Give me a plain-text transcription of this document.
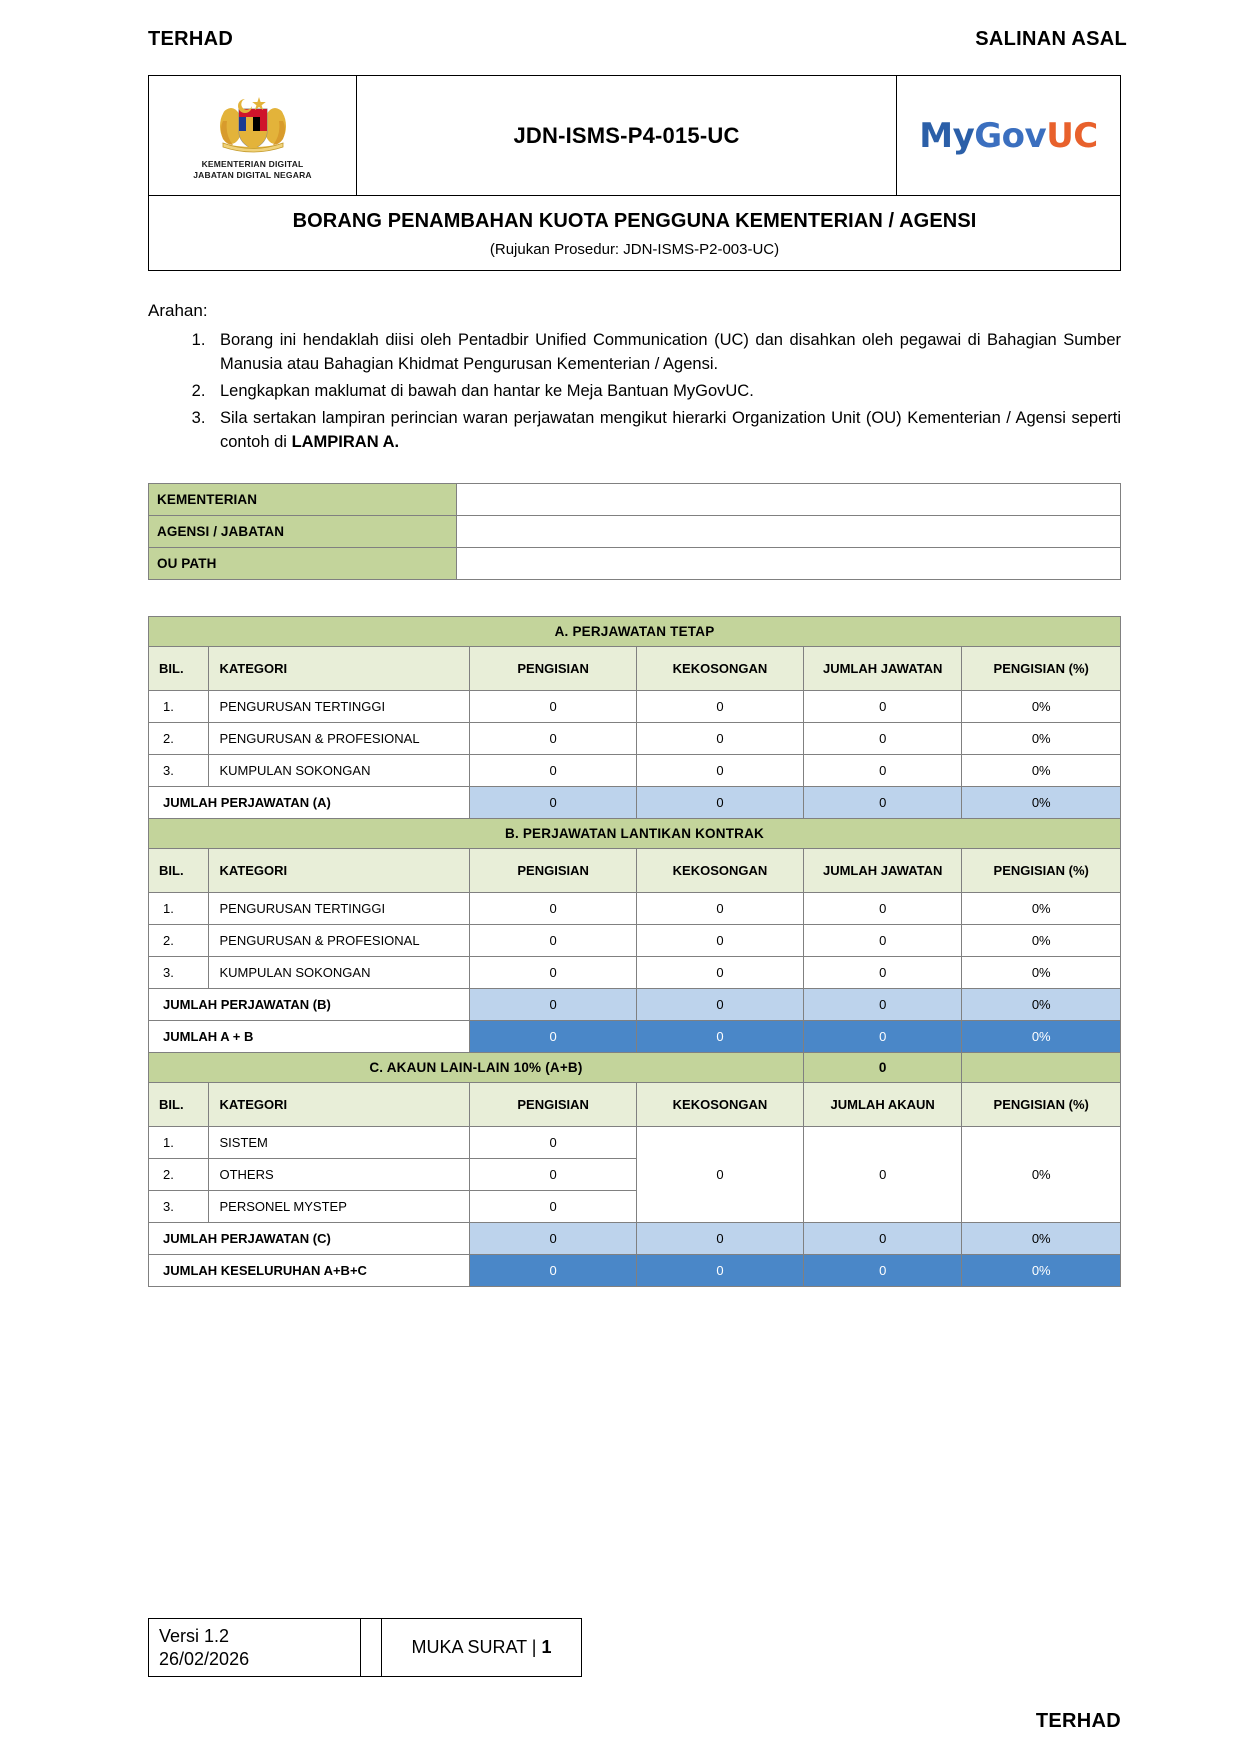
TERHAD	SALINAN ASAL
KEMENTERIAN DIGITAL
JABATAN DIGITAL NEGARA
JDN-ISMS-P4-015-UC	MyGovUC
BORANG PENAMBAHAN KUOTA PENGGUNA KEMENTERIAN / AGENSI
(Rujukan Prosedur: JDN-ISMS-P2-003-UC)
Arahan:
1. Borang ini hendaklah diisi oleh Pentadbir Unified Communication (UC) dan disahkan oleh pegawai di Bahagian Sumber Manusia atau Bahagian Khidmat Pengurusan Kementerian / Agensi.
2. Lengkapkan maklumat di bawah dan hantar ke Meja Bantuan MyGovUC.
3. Sila sertakan lampiran perincian waran perjawatan mengikut hierarki Organization Unit (OU) Kementerian / Agensi seperti contoh di LAMPIRAN A.
KEMENTERIAN	
AGENSI / JABATAN	
OU PATH	
A. PERJAWATAN TETAP					
BIL.	KATEGORI	PENGISIAN	KEKOSONGAN	JUMLAH JAWATAN	PENGISIAN (%)
1.	PENGURUSAN TERTINGGI	0	0	0	0%
2.	PENGURUSAN & PROFESIONAL	0	0	0	0%
3.	KUMPULAN SOKONGAN	0	0	0	0%
JUMLAH PERJAWATAN (A)		0	0	0	0%
B. PERJAWATAN LANTIKAN KONTRAK					
BIL.	KATEGORI	PENGISIAN	KEKOSONGAN	JUMLAH JAWATAN	PENGISIAN (%)
1.	PENGURUSAN TERTINGGI	0	0	0	0%
2.	PENGURUSAN & PROFESIONAL	0	0	0	0%
3.	KUMPULAN SOKONGAN	0	0	0	0%
JUMLAH PERJAWATAN (B)		0	0	0	0%
JUMLAH A + B		0	0	0	0%
C. AKAUN LAIN-LAIN 10% (A+B)				0	
BIL.	KATEGORI	PENGISIAN	KEKOSONGAN	JUMLAH AKAUN	PENGISIAN (%)
1.	SISTEM	0	0	0	0%
2.	OTHERS	0			
3.	PERSONEL MYSTEP	0			
JUMLAH PERJAWATAN (C)		0	0	0	0%
JUMLAH KESELURUHAN A+B+C		0	0	0	0%
Versi 1.2
26/02/2026
		MUKA SURAT | 1
TERHAD
